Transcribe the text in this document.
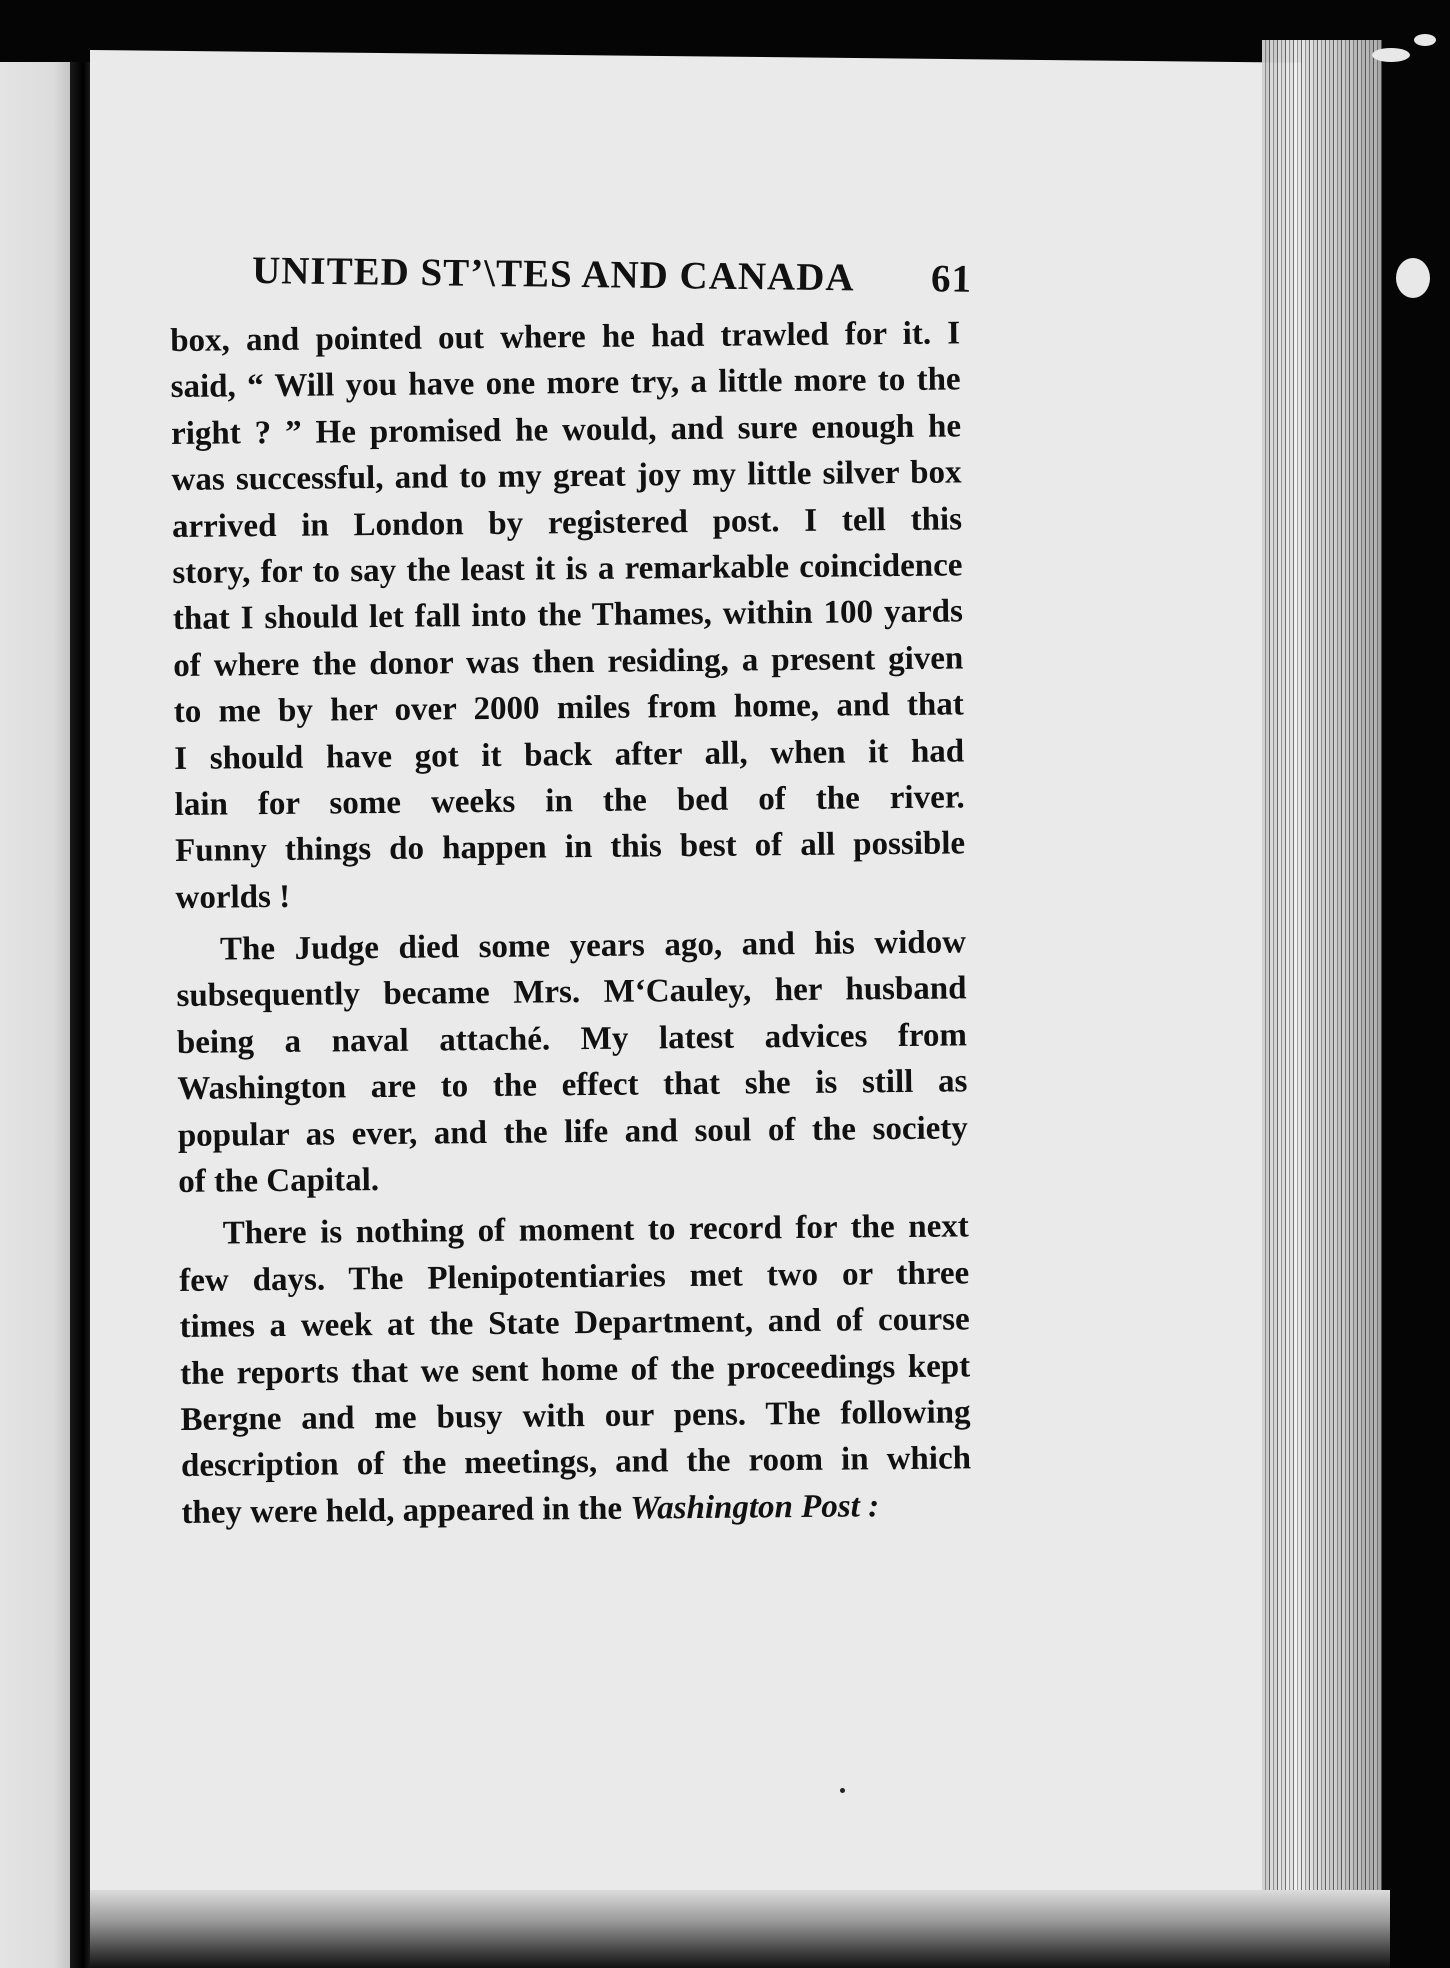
UNITED ST’\TES AND CANADA 61
box, and pointed out where he had trawled for it. I
said, “ Will you have one more try, a little more to the
right ? ” He promised he would, and sure enough he
was successful, and to my great joy my little silver box
arrived in London by registered post. I tell this
story, for to say the least it is a remarkable coincidence
that I should let fall into the Thames, within 100 yards
of where the donor was then residing, a present given
to me by her over 2000 miles from home, and that
I should have got it back after all, when it had
lain for some weeks in the bed of the river.
Funny things do happen in this best of all possible
worlds !
The Judge died some years ago, and his widow
subsequently became Mrs. M‘Cauley, her husband
being a naval attaché. My latest advices from
Washington are to the effect that she is still as
popular as ever, and the life and soul of the society
of the Capital.
There is nothing of moment to record for the next
few days. The Plenipotentiaries met two or three
times a week at the State Department, and of course
the reports that we sent home of the proceedings kept
Bergne and me busy with our pens. The following
description of the meetings, and the room in which
they were held, appeared in the Washington Post :
